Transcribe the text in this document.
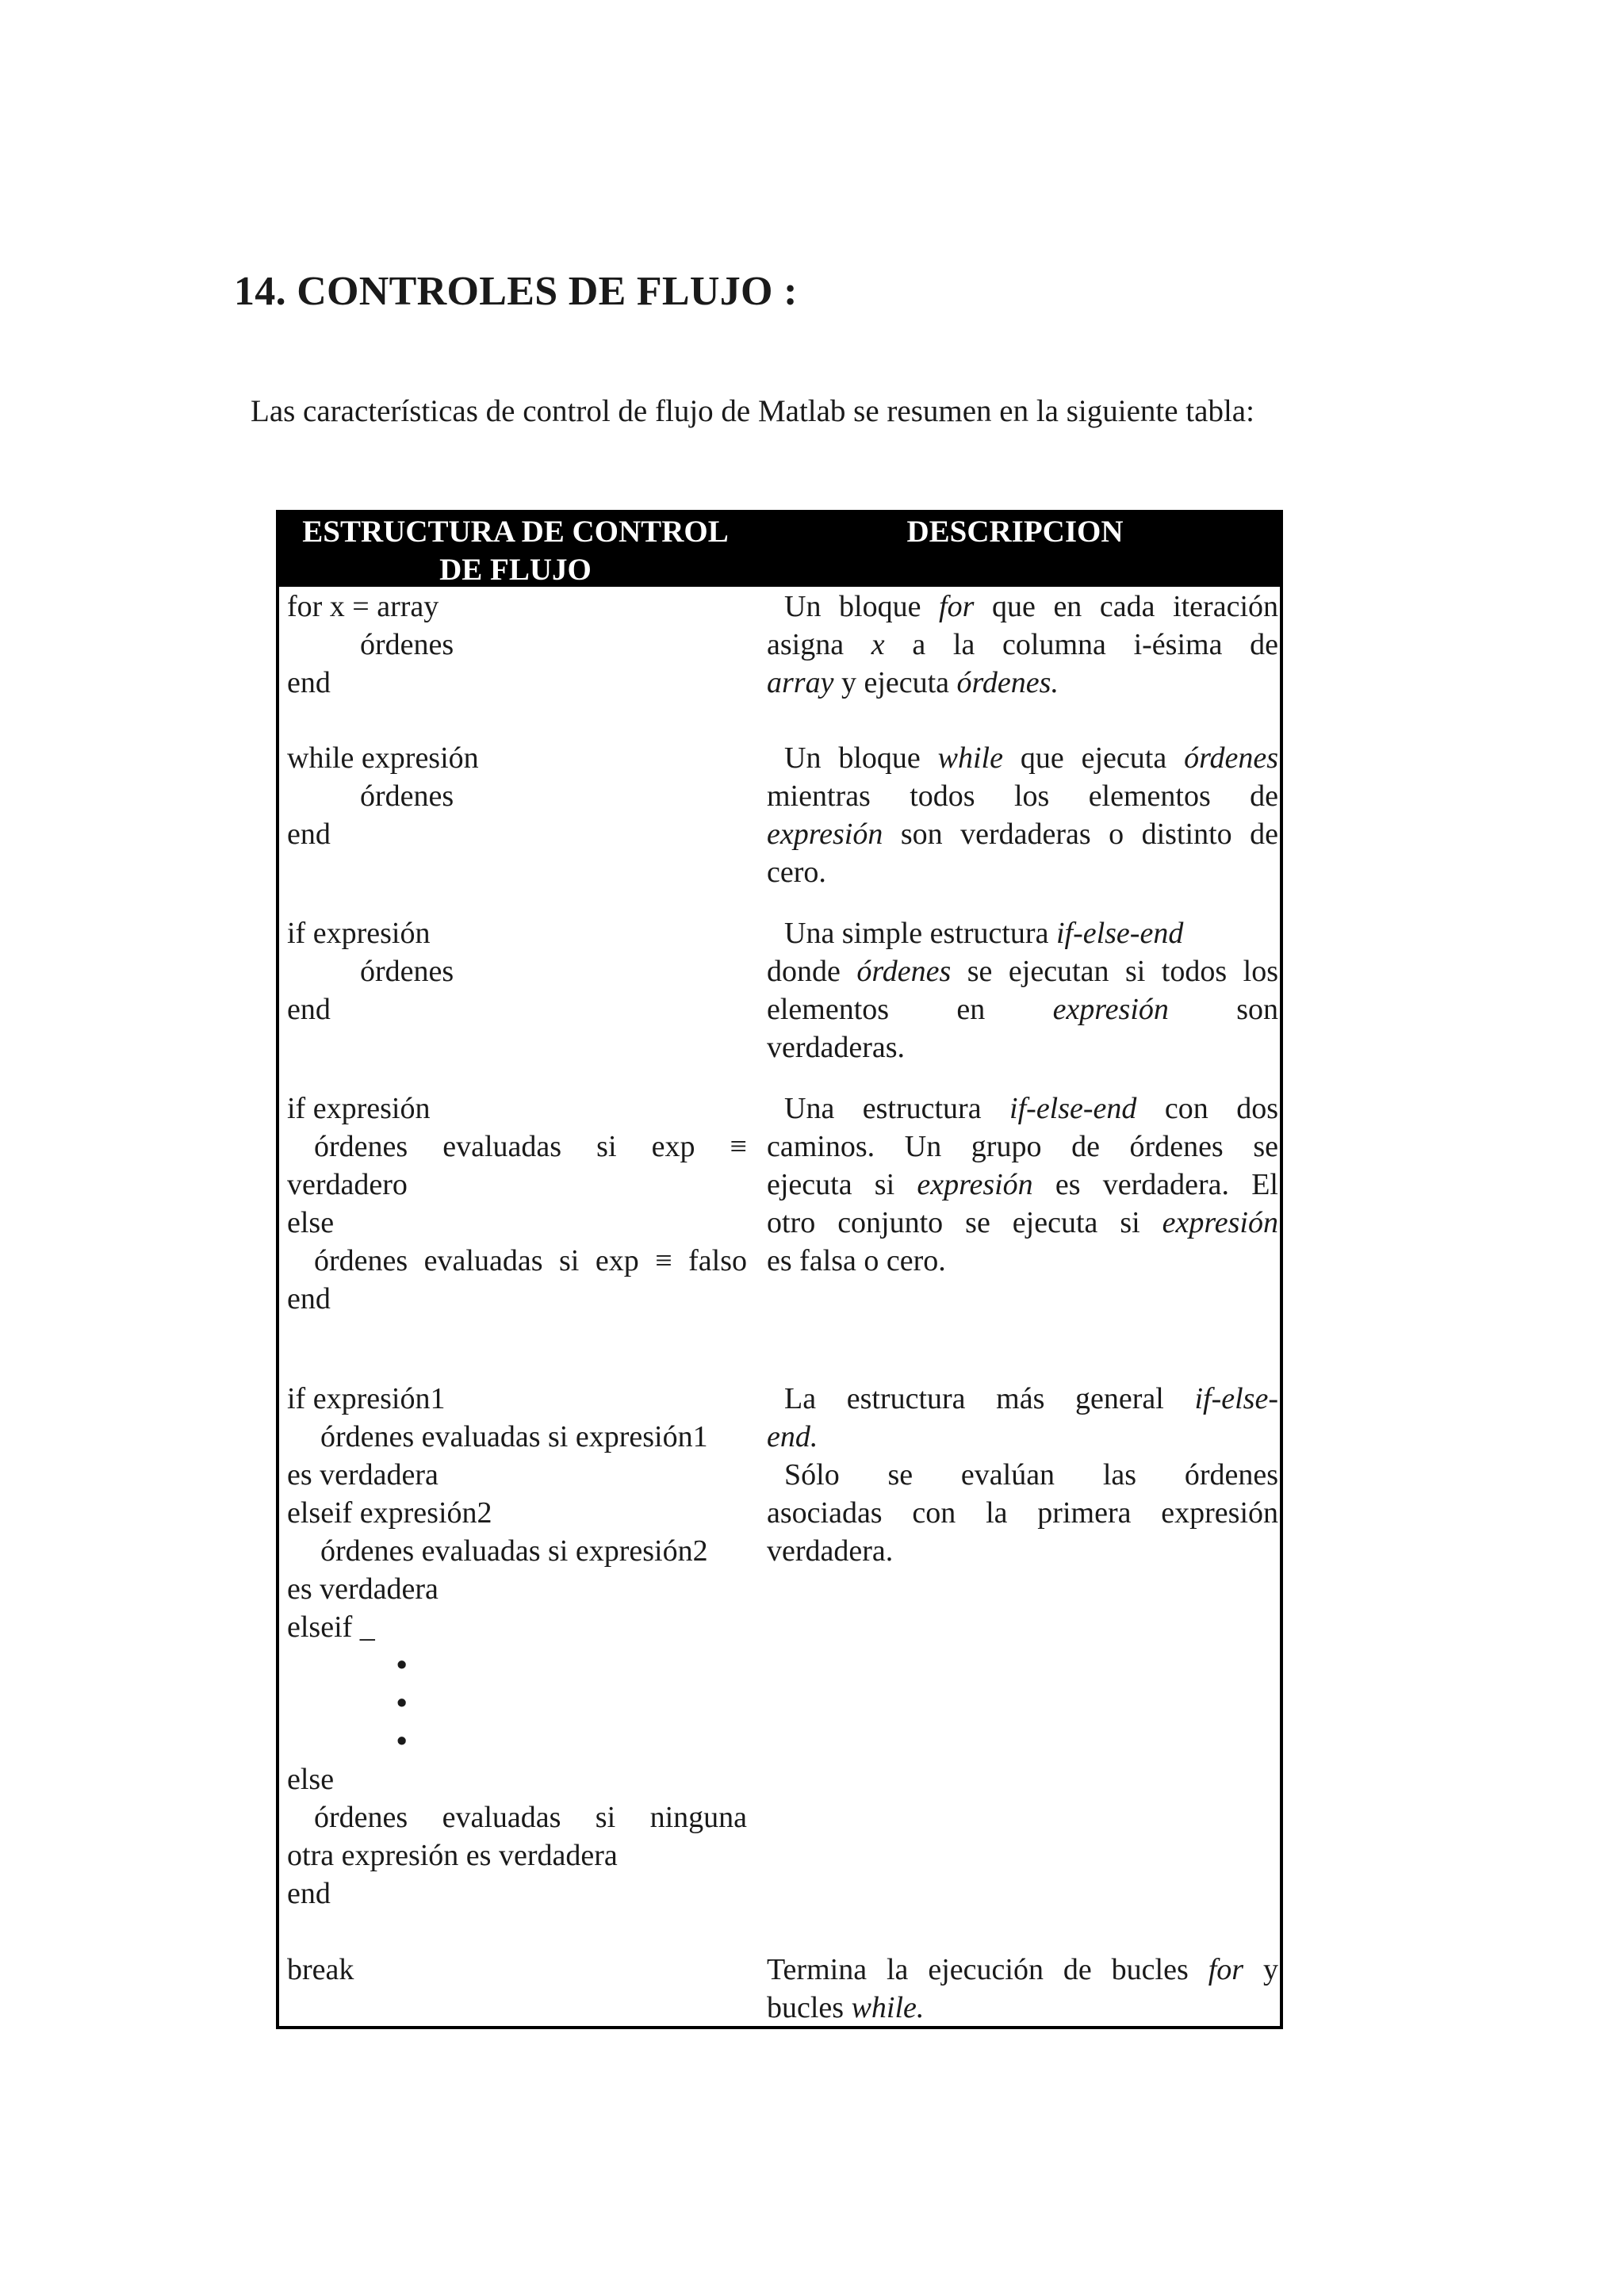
14. CONTROLES DE FLUJO :

Las características de control de flujo de Matlab se resumen en la siguiente tabla:

ESTRUCTURA DE CONTROL
DE FLUJO
DESCRIPCION
for x = array
órdenes
end
Un bloque for que en cada iteración
asigna x a la columna i-ésima de
array y ejecuta órdenes.
while expresión
órdenes
end
Un bloque while que ejecuta órdenes
mientras todos los elementos de
expresión son verdaderas o distinto de
cero.
if expresión
órdenes
end
Una simple estructura if-else-end
donde órdenes se ejecutan si todos los
elementos en expresión son
verdaderas.
if expresión
órdenes evaluadas si exp ≡
verdadero
else
órdenes evaluadas si exp ≡ falso
end
Una estructura if-else-end con dos
caminos. Un grupo de órdenes se
ejecuta si expresión es verdadera. El
otro conjunto se ejecuta si expresión
es falsa o cero.
if expresión1
órdenes evaluadas si expresión1
es verdadera
elseif expresión2
órdenes evaluadas si expresión2
es verdadera
elseif _
•
•
•
else
órdenes evaluadas si ninguna
otra expresión es verdadera
end
La estructura más general if-else-
end.
Sólo se evalúan las órdenes
asociadas con la primera expresión
verdadera.
break	Termina la ejecución de bucles for y
bucles while.
